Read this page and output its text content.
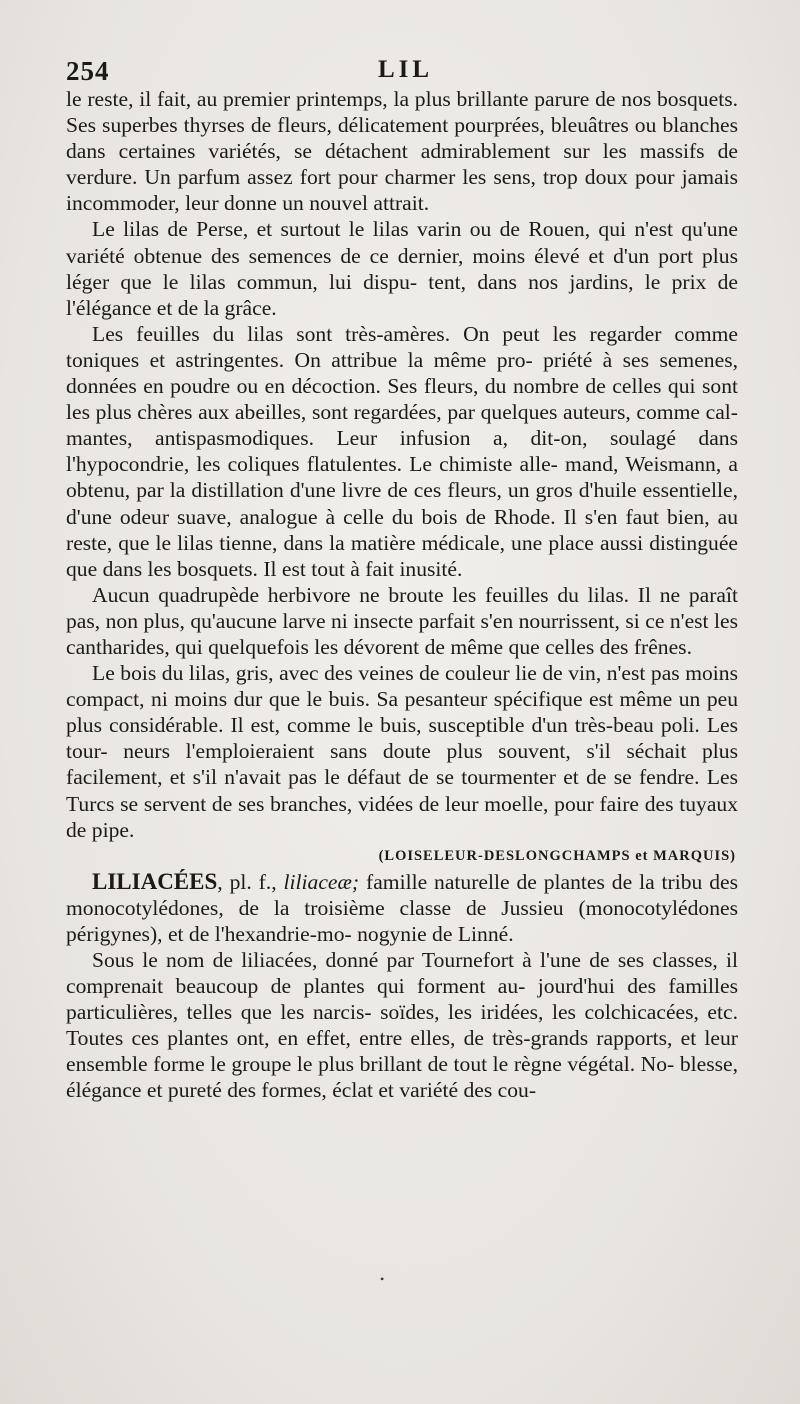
254	LIL

le reste, il fait, au premier printemps, la plus brillante parure de nos bosquets. Ses superbes thyrses de fleurs, délicatement pourprées, bleuâtres ou blanches dans certaines variétés, se détachent admirablement sur les massifs de verdure. Un parfum assez fort pour charmer les sens, trop doux pour jamais incommoder, leur donne un nouvel attrait.

Le lilas de Perse, et surtout le lilas varin ou de Rouen, qui n'est qu'une variété obtenue des semences de ce dernier, moins élevé et d'un port plus léger que le lilas commun, lui dispu- tent, dans nos jardins, le prix de l'élégance et de la grâce.

Les feuilles du lilas sont très-amères. On peut les regarder comme toniques et astringentes. On attribue la même pro- priété à ses semenes, données en poudre ou en décoction. Ses fleurs, du nombre de celles qui sont les plus chères aux abeilles, sont regardées, par quelques auteurs, comme cal- mantes, antispasmodiques. Leur infusion a, dit-on, soulagé dans l'hypocondrie, les coliques flatulentes. Le chimiste alle- mand, Weismann, a obtenu, par la distillation d'une livre de ces fleurs, un gros d'huile essentielle, d'une odeur suave, analogue à celle du bois de Rhode. Il s'en faut bien, au reste, que le lilas tienne, dans la matière médicale, une place aussi distinguée que dans les bosquets. Il est tout à fait inusité.

Aucun quadrupède herbivore ne broute les feuilles du lilas. Il ne paraît pas, non plus, qu'aucune larve ni insecte parfait s'en nourrissent, si ce n'est les cantharides, qui quelquefois les dévorent de même que celles des frênes.

Le bois du lilas, gris, avec des veines de couleur lie de vin, n'est pas moins compact, ni moins dur que le buis. Sa pesanteur spécifique est même un peu plus considérable. Il est, comme le buis, susceptible d'un très-beau poli. Les tour- neurs l'emploieraient sans doute plus souvent, s'il séchait plus facilement, et s'il n'avait pas le défaut de se tourmenter et de se fendre. Les Turcs se servent de ses branches, vidées de leur moelle, pour faire des tuyaux de pipe.

(LOISELEUR-DESLONGCHAMPS et MARQUIS)

LILIACÉES, pl. f., liliaceæ; famille naturelle de plantes de la tribu des monocotylédones, de la troisième classe de Jussieu (monocotylédones périgynes), et de l'hexandrie-mo- nogynie de Linné.

Sous le nom de liliacées, donné par Tournefort à l'une de ses classes, il comprenait beaucoup de plantes qui forment au- jourd'hui des familles particulières, telles que les narcis- soïdes, les iridées, les colchicacées, etc. Toutes ces plantes ont, en effet, entre elles, de très-grands rapports, et leur ensemble forme le groupe le plus brillant de tout le règne végétal. No- blesse, élégance et pureté des formes, éclat et variété des cou-

•
